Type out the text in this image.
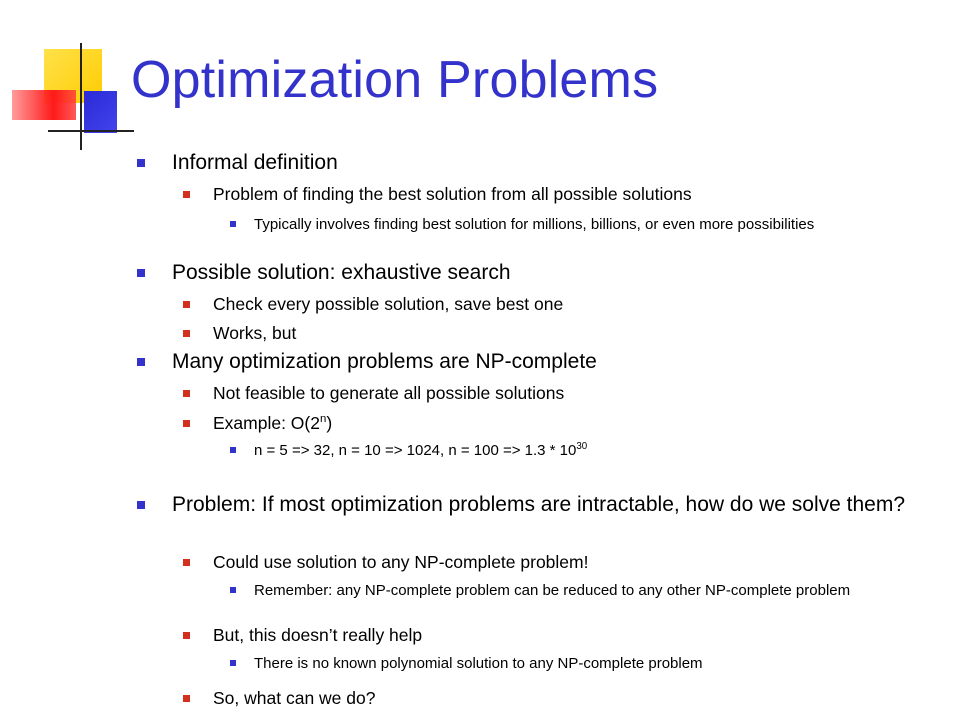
Optimization Problems
Informal definition
Problem of finding the best solution from all possible solutions
Typically involves finding best solution for millions, billions, or even more possibilities
Possible solution: exhaustive search
Check every possible solution, save best one
Works, but
Many optimization problems are NP-complete
Not feasible to generate all possible solutions
Example: O(2$^n$)
n = 5 => 32, n = 10 => 1024, $n = 100 => 1.3 * 10^{30}$
Problem: If most optimization problems are intractable, how do we solve them?
Could use solution to any NP-complete problem!
Remember: any NP-complete problem can be reduced to any other NP-complete problem
But, this doesn’t really help
There is no known polynomial solution to any NP-complete problem
So, what can we do?
